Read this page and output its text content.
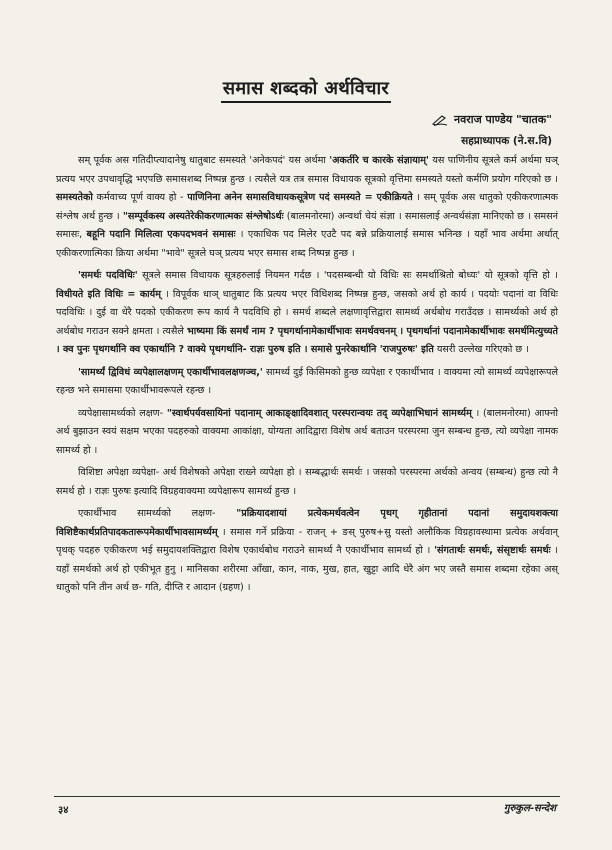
समास शब्दको अर्थविचार
नवराज पाण्डेय "चातक"
सहप्राध्यापक (ने.स.वि)

सम् पूर्वक अस गतिदीप्त्यादानेषु धातुबाट समस्यते 'अनेकपदं' यस अर्थमा 'अकर्तरि च कारके संज्ञायाम्' यस पाणिनीय सूत्रले कर्म अर्थमा घञ् प्रत्यय भएर उपधावृद्धि भएपछि समासशब्द निष्पन्न हुन्छ । त्यसैले यत्र तत्र समास विधायक सूत्रको वृत्तिमा समस्यते यस्तो कर्मणि प्रयोग गरिएको छ । समस्यतेको कर्मवाच्य पूर्ण वाक्य हो - पाणिनिना अनेन समासविधायकसूत्रेण पदं समस्यते = एकीक्रियते । सम् पूर्वक अस धातुको एकीकरणात्मक संश्लेष अर्थ हुन्छ । "सम्पूर्वकस्य अस्यतेरेकीकरणात्मकः संश्लेषोऽर्थः (बालमनोरमा) अन्वर्था चेयं संज्ञा । समासलाई अन्वर्थसंज्ञा मानिएको छ । समसनं समासः, बहूनि पदानि मिलित्वा एकपदभवनं समासः । एकाधिक पद मिलेर एउटै पद बन्ने प्रक्रियालाई समास भनिन्छ । यहाँ भाव अर्थमा अर्थात् एकीकरणात्मिका क्रिया अर्थमा "भावे" सूत्रले घञ् प्रत्यय भएर समास शब्द निष्पन्न हुन्छ ।

'समर्थः पदविधिः' सूत्रले समास विधायक सूत्रहरुलाई नियमन गर्दछ । 'पदसम्बन्धी यो विधिः सः समर्थाश्रितो बोध्यः' यो सूत्रको वृत्ति हो । विधीयते इति विधिः = कार्यम् । विपूर्वक धाञ् धातुबाट कि प्रत्यय भएर विधिशब्द निष्पन्न हुन्छ, जसको अर्थ हो कार्य । पदयोः पदानां वा विधिः पदविधिः । दुई वा धेरै पदको एकीकरण रूप कार्य नै पदविधि हो । समर्थ शब्दले लक्षणावृत्तिद्वारा सामर्थ्य अर्थबोध गराउँदछ । सामर्थ्यको अर्थ हो अर्थबोध गराउन सक्ने क्षमता । त्यसैले भाष्यमा किं समर्थं नाम ? पृथगर्थानामेकार्थीभावः समर्थवचनम् । पृथगर्थानां पदानामेकार्थीभावः समर्थमित्युच्यते । क्व पुनः पृथगर्थानि क्व एकार्थानि ? वाक्ये पृथगर्थानि- राज्ञः पुरुष इति । समासे पुनरेकार्थानि 'राजपुरुषः' इति यसरी उल्लेख गरिएको छ ।

'सामर्थ्यं द्विविधं व्यपेक्षालक्षणम् एकार्थीभावलक्षणञ्च,' सामर्थ्य दुई किसिमको हुन्छ व्यपेक्षा र एकार्थीभाव । वाक्यमा त्यो सामर्थ्य व्यपेक्षारूपले रहन्छ भने समासमा एकार्थीभावरूपले रहन्छ ।

व्यपेक्षासामर्थ्यको लक्षण- "स्वार्थपर्यवसायिनां पदानाम् आकाङ्क्षादिवशात् परस्परान्वयः तद् व्यपेक्षाभिधानं सामर्थ्यम् । (बालमनोरमा) आफ्नो अर्थ बुझाउन स्वयं सक्षम भएका पदहरुको वाक्यमा आकांक्षा, योग्यता आदिद्वारा विशेष अर्थ बताउन परस्परमा जुन सम्बन्ध हुन्छ, त्यो व्यपेक्षा नामक सामर्थ्य हो ।

विशिष्टा अपेक्षा व्यपेक्षा- अर्थ विशेषको अपेक्षा राख्ने व्यपेक्षा हो । सम्बद्धार्थः समर्थः । जसको परस्परमा अर्थको अन्वय (सम्बन्ध) हुन्छ त्यो नै समर्थ हो । राज्ञः पुरुषः इत्यादि विग्रहवाक्यमा व्यपेक्षारूप सामर्थ्य हुन्छ ।

एकार्थीभाव सामर्थ्यको लक्षण- "प्रक्रियादशायां प्रत्येकमर्थवत्वेन पृथग् गृहीतानां पदानां समुदायशक्त्या विशिष्टैकार्थप्रतिपादकतारूपमेकार्थीभावसामर्थ्यम् । समास गर्ने प्रक्रिया - राजन् + ङस् पुरुष+सु यस्तो अलौकिक विग्रहावस्थामा प्रत्येक अर्थवान् पृथक् पदहरु एकीकरण भई समुदायशक्तिद्वारा विशेष एकार्थबोध गराउने सामर्थ्य नै एकार्थीभाव सामर्थ्य हो । 'संगतार्थः समर्थः, संसृष्टार्थः समर्थः । यहाँ समर्थको अर्थ हो एकीभूत हुनु । मानिसका शरीरमा आँखा, कान, नाक, मुख, हात, खुट्टा आदि धेरै अंग भए जस्तै समास शब्दमा रहेका अस् धातुको पनि तीन अर्थ छ- गति, दीप्ति र आदान (ग्रहण) ।

३४	गुरुकुल-सन्देश
